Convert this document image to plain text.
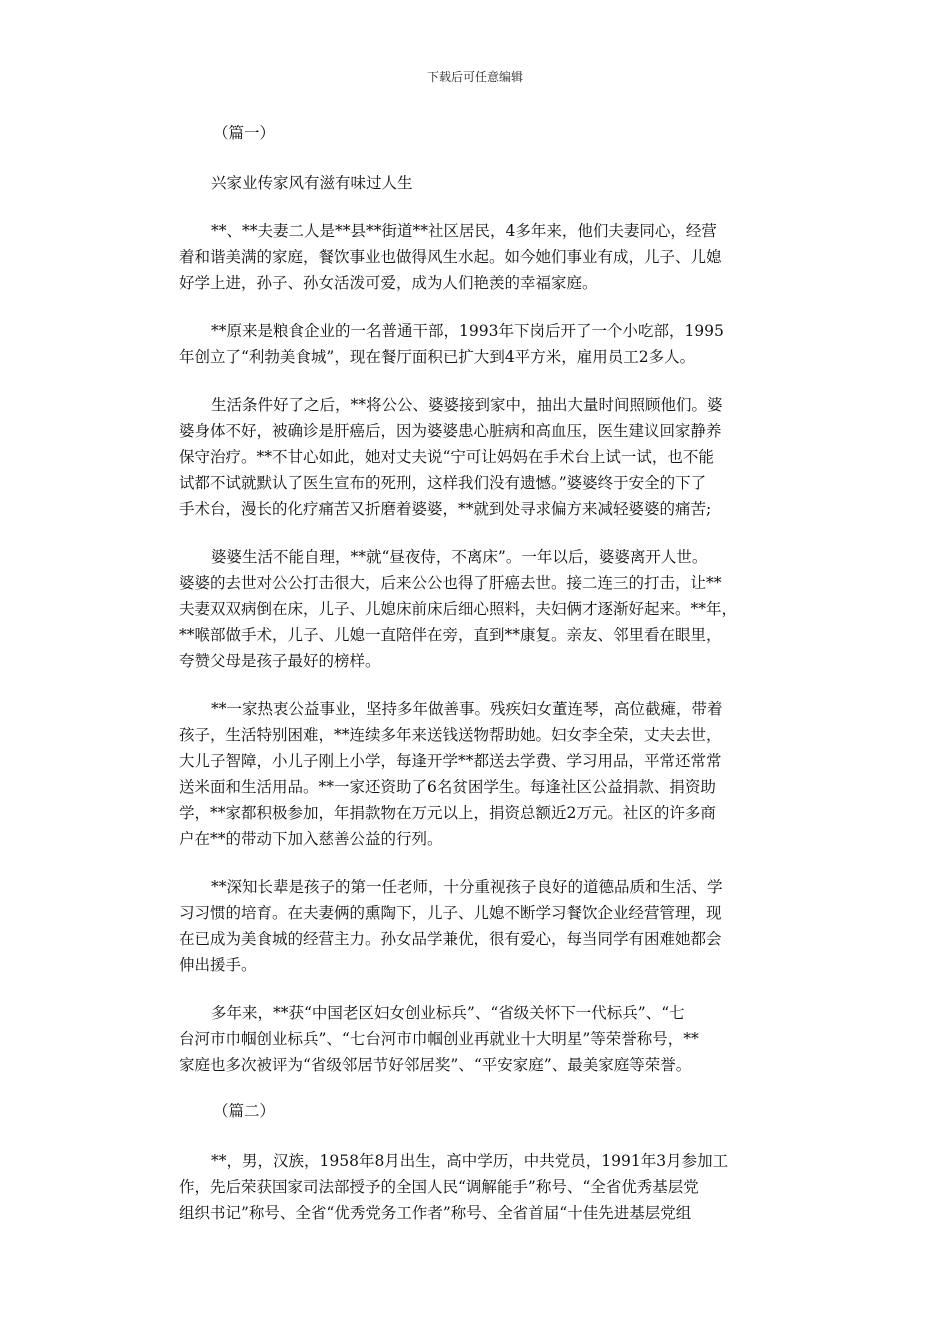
下载后可任意编辑
（篇一）
兴家业传家风有滋有味过人生
**、**夫妻二人是**县**街道**社区居民，4多年来，他们夫妻同心，经营
着和谐美满的家庭，餐饮事业也做得风生水起。如今她们事业有成，儿子、儿媳
好学上进，孙子、孙女活泼可爱，成为人们艳羡的幸福家庭。
**原来是粮食企业的一名普通干部，1993年下岗后开了一个小吃部，1995
年创立了“利勃美食城”，现在餐厅面积已扩大到4平方米，雇用员工2多人。
生活条件好了之后，**将公公、婆婆接到家中，抽出大量时间照顾他们。婆
婆身体不好，被确诊是肝癌后，因为婆婆患心脏病和高血压，医生建议回家静养
保守治疗。**不甘心如此，她对丈夫说“宁可让妈妈在手术台上试一试，也不能
试都不试就默认了医生宣布的死刑，这样我们没有遗憾。”婆婆终于安全的下了
手术台，漫长的化疗痛苦又折磨着婆婆，**就到处寻求偏方来减轻婆婆的痛苦;
婆婆生活不能自理，**就“昼夜侍，不离床”。一年以后，婆婆离开人世。
婆婆的去世对公公打击很大，后来公公也得了肝癌去世。接二连三的打击，让**
夫妻双双病倒在床，儿子、儿媳床前床后细心照料，夫妇俩才逐渐好起来。**年，
**喉部做手术，儿子、儿媳一直陪伴在旁，直到**康复。亲友、邻里看在眼里，
夸赞父母是孩子最好的榜样。
**一家热衷公益事业，坚持多年做善事。残疾妇女董连琴，高位截瘫，带着
孩子，生活特别困难，**连续多年来送钱送物帮助她。妇女李全荣，丈夫去世，
大儿子智障，小儿子刚上小学，每逢开学**都送去学费、学习用品，平常还常常
送米面和生活用品。**一家还资助了6名贫困学生。每逢社区公益捐款、捐资助
学，**家都积极参加，年捐款物在万元以上，捐资总额近2万元。社区的许多商
户在**的带动下加入慈善公益的行列。
**深知长辈是孩子的第一任老师，十分重视孩子良好的道德品质和生活、学
习习惯的培育。在夫妻俩的熏陶下，儿子、儿媳不断学习餐饮企业经营管理，现
在已成为美食城的经营主力。孙女品学兼优，很有爱心，每当同学有困难她都会
伸出援手。
多年来，**获“中国老区妇女创业标兵”、“省级关怀下一代标兵”、“七
台河市巾帼创业标兵”、“七台河市巾帼创业再就业十大明星”等荣誉称号，**
家庭也多次被评为“省级邻居节好邻居奖”、“平安家庭”、最美家庭等荣誉。
（篇二）
**，男，汉族，1958年8月出生，高中学历，中共党员，1991年3月参加工
作，先后荣获国家司法部授予的全国人民“调解能手”称号、“全省优秀基层党
组织书记”称号、全省“优秀党务工作者”称号、全省首届“十佳先进基层党组
